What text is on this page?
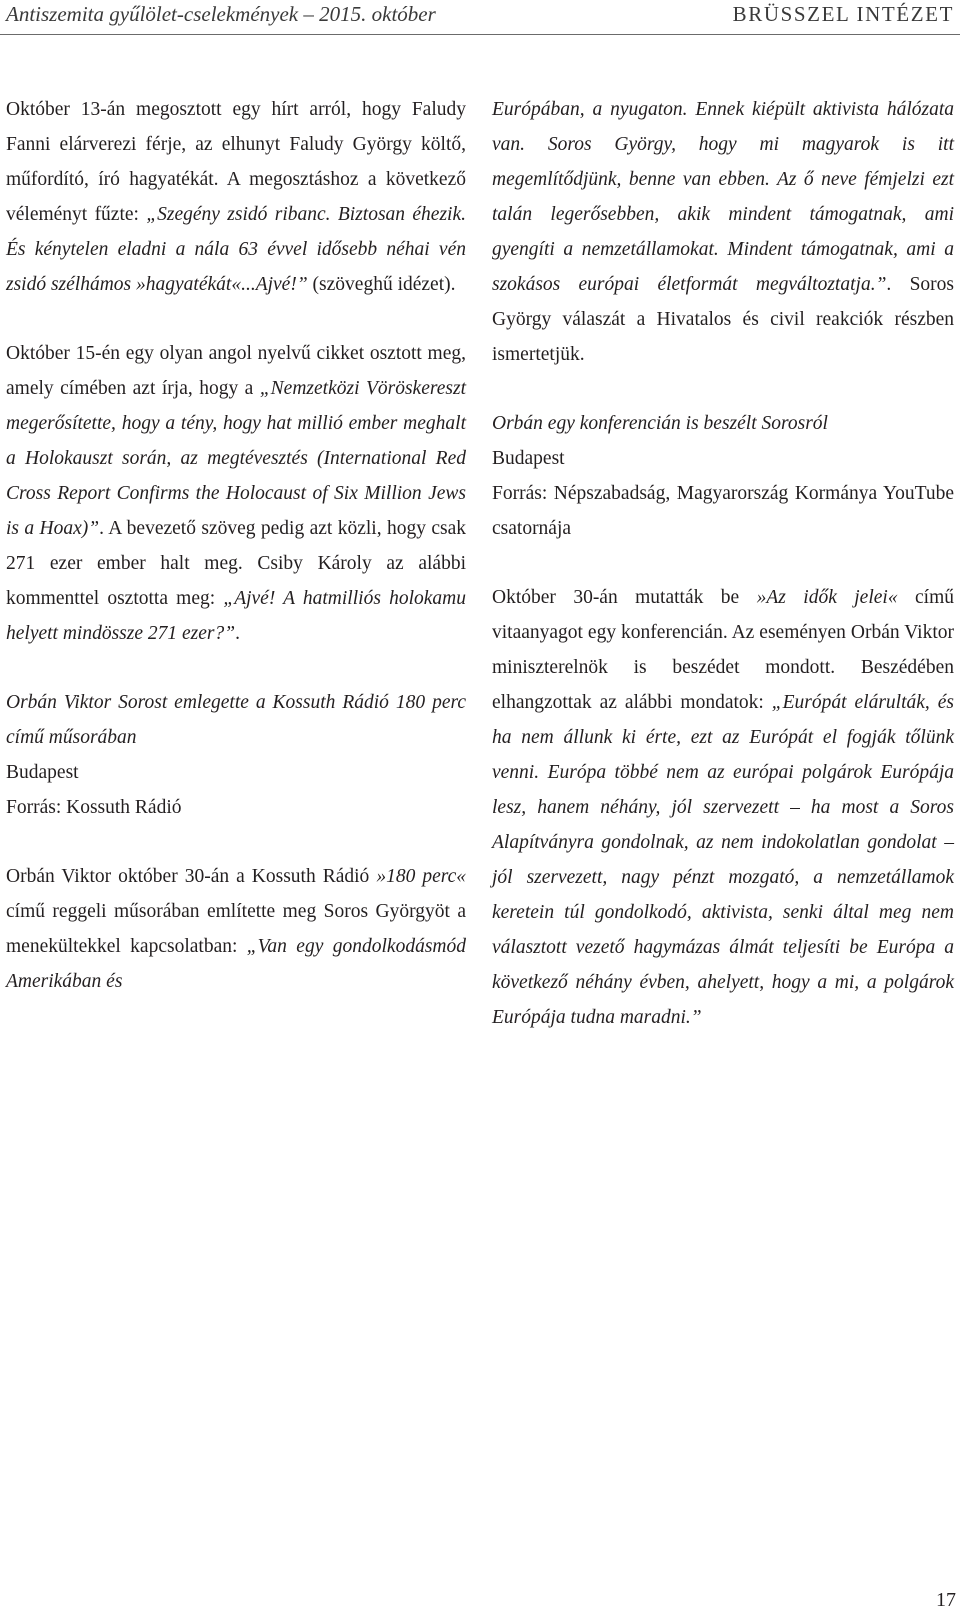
Antiszemita gyűlölet-cselekmények – 2015. október	BRÜSSZEL INTÉZET

Október 13-án megosztott egy hírt arról, hogy Faludy Fanni elárverezi férje, az elhunyt Faludy György költő, műfordító, író hagyatékát. A megosztáshoz a következő véleményt fűzte: „Szegény zsidó ribanc. Biztosan éhezik. És kénytelen eladni a nála 63 évvel idősebb néhai vén zsidó szélhámos »hagyatékát«...Ajvé!” (szöveghű idézet).

Október 15-én egy olyan angol nyelvű cikket osztott meg, amely címében azt írja, hogy a „Nemzetközi Vöröskereszt megerősítette, hogy a tény, hogy hat millió ember meghalt a Holokauszt során, az megtévesztés (International Red Cross Report Confirms the Holocaust of Six Million Jews is a Hoax)”. A bevezető szöveg pedig azt közli, hogy csak 271 ezer ember halt meg. Csiby Károly az alábbi kommenttel osztotta meg: „Ajvé! A hatmilliós holokamu helyett mindössze 271 ezer?”.

Orbán Viktor Sorost emlegette a Kossuth Rádió 180 perc című műsorában
Budapest
Forrás: Kossuth Rádió

Orbán Viktor október 30-án a Kossuth Rádió »180 perc« című reggeli műsorában említette meg Soros Györgyöt a menekültekkel kapcsolatban: „Van egy gondolkodásmód Amerikában és

Európában, a nyugaton. Ennek kiépült aktivista hálózata van. Soros György, hogy mi magyarok is itt megemlítődjünk, benne van ebben. Az ő neve fémjelzi ezt talán legerősebben, akik mindent támogatnak, ami gyengíti a nemzetállamokat. Mindent támogatnak, ami a szokásos európai életformát megváltoztatja.”. Soros György válaszát a Hivatalos és civil reakciók részben ismertetjük.

Orbán egy konferencián is beszélt Sorosról
Budapest
Forrás: Népszabadság, Magyarország Kormánya YouTube csatornája

Október 30-án mutatták be »Az idők jelei« című vitaanyagot egy konferencián. Az eseményen Orbán Viktor miniszterelnök is beszédet mondott. Beszédében elhangzottak az alábbi mondatok: „Európát elárulták, és ha nem állunk ki érte, ezt az Európát el fogják tőlünk venni. Európa többé nem az európai polgárok Európája lesz, hanem néhány, jól szervezett – ha most a Soros Alapítványra gondolnak, az nem indokolatlan gondolat – jól szervezett, nagy pénzt mozgató, a nemzetállamok keretein túl gondolkodó, aktivista, senki által meg nem választott vezető hagymázas álmát teljesíti be Európa a következő néhány évben, ahelyett, hogy a mi, a polgárok Európája tudna maradni.”

17
